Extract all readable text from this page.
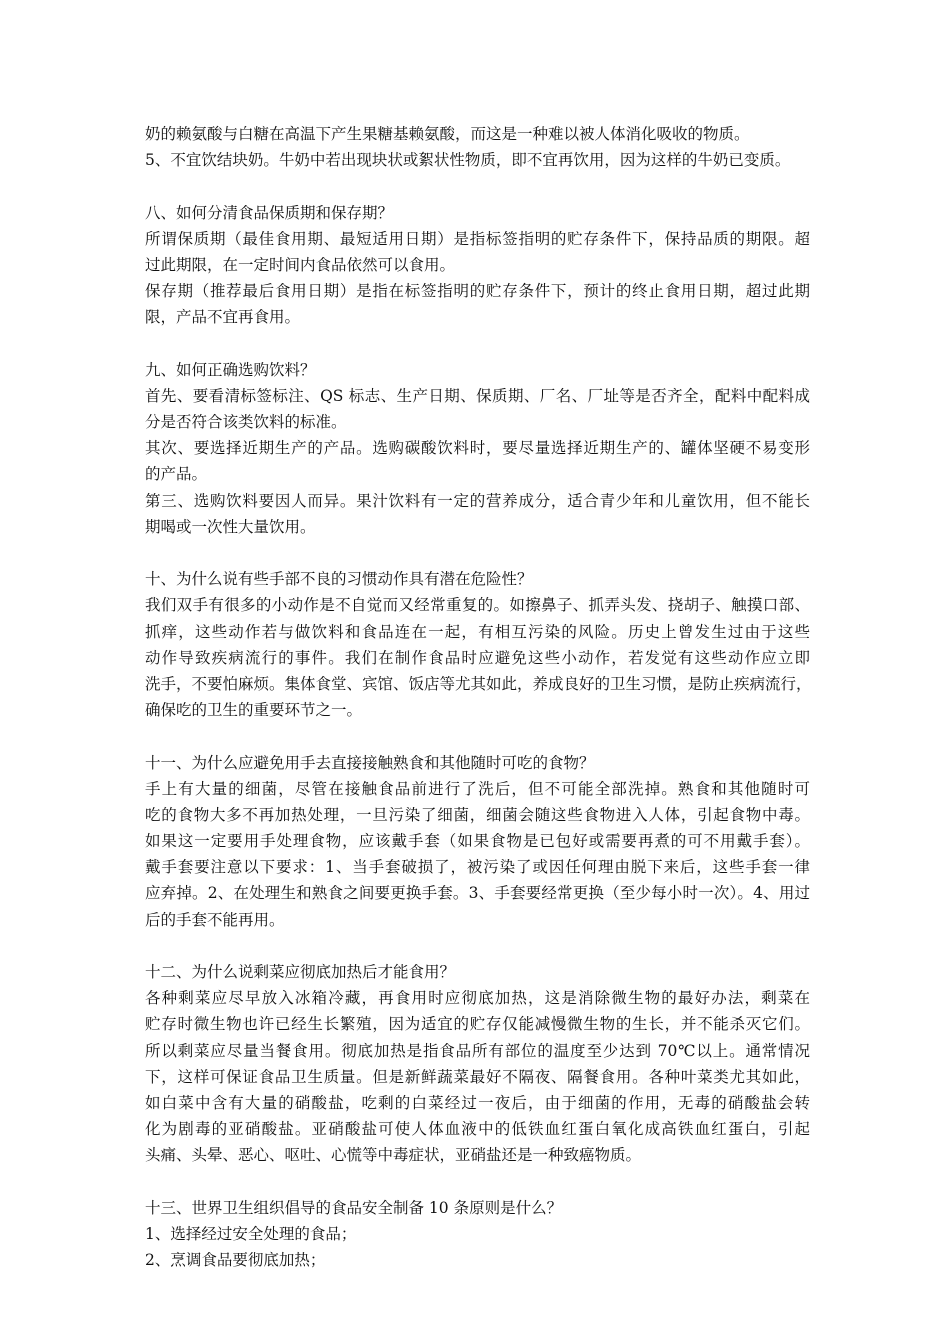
奶的赖氨酸与白糖在高温下产生果糖基赖氨酸，而这是一种难以被人体消化吸收的物质。
5、不宜饮结块奶。牛奶中若出现块状或絮状性物质，即不宜再饮用，因为这样的牛奶已变质。
八、如何分清食品保质期和保存期？
所谓保质期（最佳食用期、最短适用日期）是指标签指明的贮存条件下，保持品质的期限。超
过此期限，在一定时间内食品依然可以食用。
保存期（推荐最后食用日期）是指在标签指明的贮存条件下，预计的终止食用日期，超过此期
限，产品不宜再食用。
九、如何正确选购饮料？
首先、要看清标签标注、QS 标志、生产日期、保质期、厂名、厂址等是否齐全，配料中配料成
分是否符合该类饮料的标准。
其次、要选择近期生产的产品。选购碳酸饮料时，要尽量选择近期生产的、罐体坚硬不易变形
的产品。
第三、选购饮料要因人而异。果汁饮料有一定的营养成分，适合青少年和儿童饮用，但不能长
期喝或一次性大量饮用。
十、为什么说有些手部不良的习惯动作具有潜在危险性？
我们双手有很多的小动作是不自觉而又经常重复的。如擦鼻子、抓弄头发、挠胡子、触摸口部、
抓痒，这些动作若与做饮料和食品连在一起，有相互污染的风险。历史上曾发生过由于这些
动作导致疾病流行的事件。我们在制作食品时应避免这些小动作，若发觉有这些动作应立即
洗手，不要怕麻烦。集体食堂、宾馆、饭店等尤其如此，养成良好的卫生习惯，是防止疾病流行，
确保吃的卫生的重要环节之一。
十一、为什么应避免用手去直接接触熟食和其他随时可吃的食物？
手上有大量的细菌，尽管在接触食品前进行了洗后，但不可能全部洗掉。熟食和其他随时可
吃的食物大多不再加热处理，一旦污染了细菌，细菌会随这些食物进入人体，引起食物中毒。
如果这一定要用手处理食物，应该戴手套（如果食物是已包好或需要再煮的可不用戴手套）。
戴手套要注意以下要求：1、当手套破损了，被污染了或因任何理由脱下来后，这些手套一律
应弃掉。2、在处理生和熟食之间要更换手套。3、手套要经常更换（至少每小时一次）。4、用过
后的手套不能再用。
十二、为什么说剩菜应彻底加热后才能食用？
各种剩菜应尽早放入冰箱冷藏，再食用时应彻底加热，这是消除微生物的最好办法，剩菜在
贮存时微生物也许已经生长繁殖，因为适宜的贮存仅能减慢微生物的生长，并不能杀灭它们。
所以剩菜应尽量当餐食用。彻底加热是指食品所有部位的温度至少达到 70℃以上。通常情况
下，这样可保证食品卫生质量。但是新鲜蔬菜最好不隔夜、隔餐食用。各种叶菜类尤其如此，
如白菜中含有大量的硝酸盐，吃剩的白菜经过一夜后，由于细菌的作用，无毒的硝酸盐会转
化为剧毒的亚硝酸盐。亚硝酸盐可使人体血液中的低铁血红蛋白氧化成高铁血红蛋白，引起
头痛、头晕、恶心、呕吐、心慌等中毒症状，亚硝盐还是一种致癌物质。
十三、世界卫生组织倡导的食品安全制备 10 条原则是什么？
1、选择经过安全处理的食品；
2、烹调食品要彻底加热；
